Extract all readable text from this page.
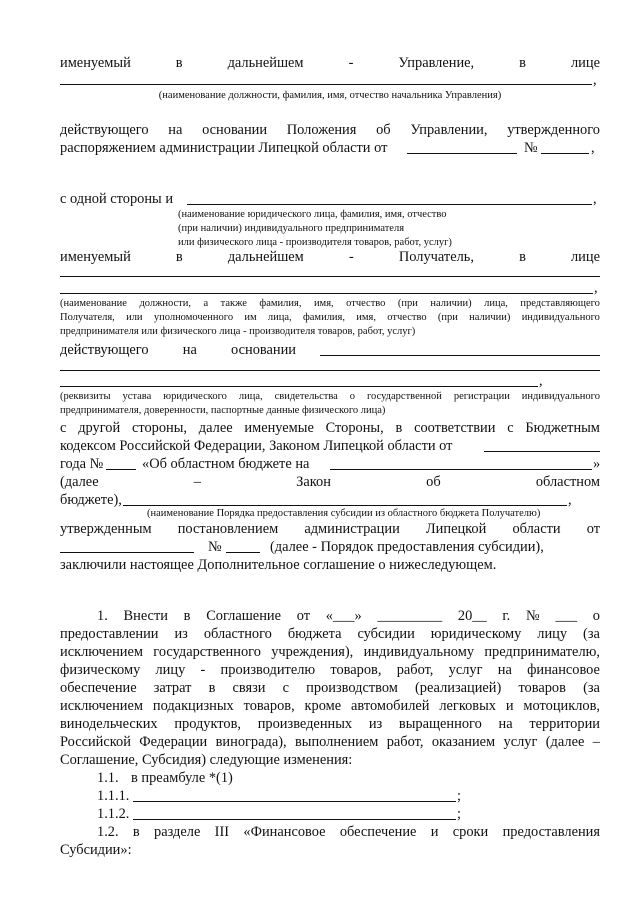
именуемый	в	дальнейшем	-	Управление,	в	лице
,
(наименование должности, фамилия, имя, отчество начальника Управления)
действующего на основании Положения об Управлении, утвержденного
распоряжением администрации Липецкой области от	№	,
с одной стороны и	,
(наименование юридического лица, фамилия, имя, отчество
(при наличии) индивидуального предпринимателя
или физического лица - производителя товаров, работ, услуг)
именуемый	в	дальнейшем	-	Получатель,	в	лице
,
(наименование должности, а также фамилия, имя, отчество (при наличии) лица, представляющего
Получателя, или уполномоченного им лица, фамилия, имя, отчество (при наличии) индивидуального
предпринимателя или физического лица - производителя товаров, работ, услуг)
действующего на основании
,
(реквизиты устава юридического лица, свидетельства о государственной регистрации индивидуального
предпринимателя, доверенности, паспортные данные физического лица)
с другой стороны, далее именуемые Стороны, в соответствии с Бюджетным
кодексом Российской Федерации, Законом Липецкой области от
года №	«Об областном бюджете на	»
(далее	–	Закон	об	областном
бюджете),	,
(наименование Порядка предоставления субсидии из областного бюджета Получателю)
утвержденным постановлением администрации Липецкой области от
№	(далее - Порядок предоставления субсидии),
заключили настоящее Дополнительное соглашение о нижеследующем.
1. Внести в Соглашение от «___» _________ 20__ г. № ___ о
предоставлении из областного бюджета субсидии юридическому лицу (за
исключением государственного учреждения), индивидуальному предпринимателю,
физическому лицу - производителю товаров, работ, услуг на финансовое
обеспечение затрат в связи с производством (реализацией) товаров (за
исключением подакцизных товаров, кроме автомобилей легковых и мотоциклов,
винодельческих продуктов, произведенных из выращенного на территории
Российской Федерации винограда), выполнением работ, оказанием услуг (далее –
Соглашение, Субсидия) следующие изменения:
1.1. в преамбуле *(1)
1.1.1.	;
1.1.2.	;
1.2. в разделе III «Финансовое обеспечение и сроки предоставления
Субсидии»:
